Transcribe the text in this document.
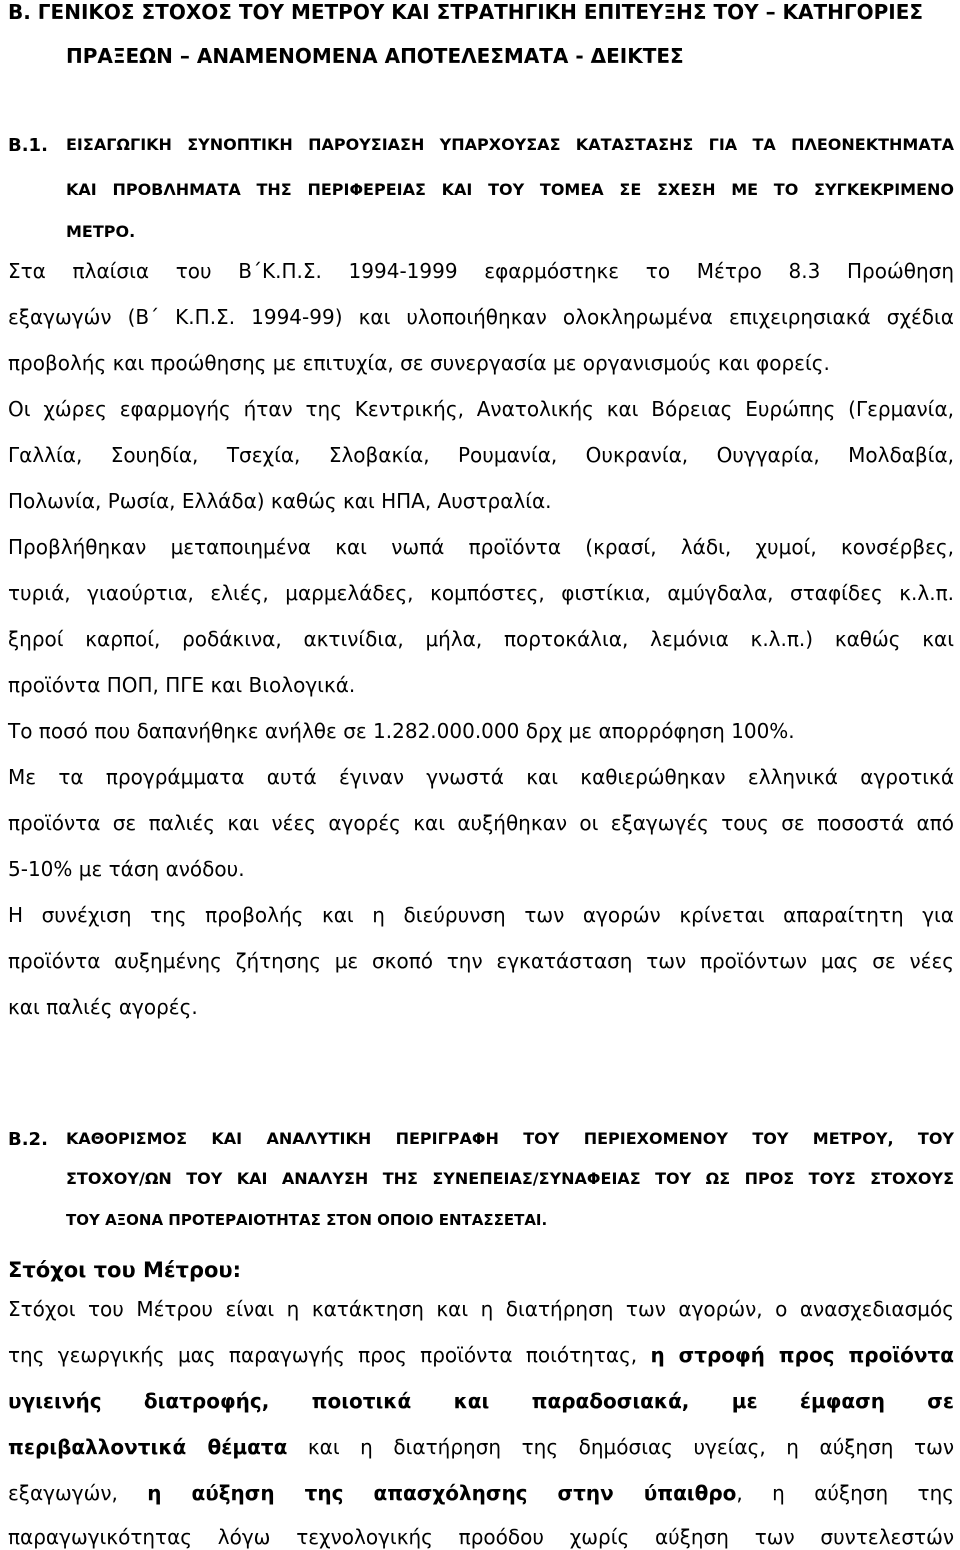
Β. ΓΕΝΙΚΟΣ ΣΤΟΧΟΣ ΤΟΥ ΜΕΤΡΟΥ ΚΑΙ ΣΤΡΑΤΗΓΙΚΗ ΕΠΙΤΕΥΞΗΣ ΤΟΥ – ΚΑΤΗΓΟΡΙΕΣ
ΠΡΑΞΕΩΝ – ΑΝΑΜΕΝΟΜΕΝΑ ΑΠΟΤΕΛΕΣΜΑΤΑ - ΔΕΙΚΤΕΣ
Β.1. ΕΙΣΑΓΩΓΙΚΗ ΣΥΝΟΠΤΙΚΗ ΠΑΡΟΥΣΙΑΣΗ ΥΠΑΡΧΟΥΣΑΣ ΚΑΤΑΣΤΑΣΗΣ ΓΙΑ ΤΑ ΠΛΕΟΝΕΚΤΗΜΑΤΑ
ΚΑΙ ΠΡΟΒΛΗΜΑΤΑ ΤΗΣ ΠΕΡΙΦΕΡΕΙΑΣ ΚΑΙ ΤΟΥ ΤΟΜΕΑ ΣΕ ΣΧΕΣΗ ΜΕ ΤΟ ΣΥΓΚΕΚΡΙΜΕΝΟ
ΜΕΤΡΟ.
Στα πλαίσια του Β΄Κ.Π.Σ. 1994-1999 εφαρμόστηκε το Μέτρο 8.3 Προώθηση
εξαγωγών (Β΄ Κ.Π.Σ. 1994-99) και υλοποιήθηκαν ολοκληρωμένα επιχειρησιακά σχέδια
προβολής και προώθησης με επιτυχία, σε συνεργασία με οργανισμούς και φορείς.
Οι χώρες εφαρμογής ήταν της Κεντρικής, Ανατολικής και Βόρειας Ευρώπης (Γερμανία,
Γαλλία, Σουηδία, Τσεχία, Σλοβακία, Ρουμανία, Ουκρανία, Ουγγαρία, Μολδαβία,
Πολωνία, Ρωσία, Ελλάδα) καθώς και ΗΠΑ, Αυστραλία.
Προβλήθηκαν μεταποιημένα και νωπά προϊόντα (κρασί, λάδι, χυμοί, κονσέρβες,
τυριά, γιαούρτια, ελιές, μαρμελάδες, κομπόστες, φιστίκια, αμύγδαλα, σταφίδες κ.λ.π.
ξηροί καρποί, ροδάκινα, ακτινίδια, μήλα, πορτοκάλια, λεμόνια κ.λ.π.) καθώς και
προϊόντα ΠΟΠ, ΠΓΕ και Βιολογικά.
Το ποσό που δαπανήθηκε ανήλθε σε 1.282.000.000 δρχ με απορρόφηση 100%.
Με τα προγράμματα αυτά έγιναν γνωστά και καθιερώθηκαν ελληνικά αγροτικά
προϊόντα σε παλιές και νέες αγορές και αυξήθηκαν οι εξαγωγές τους σε ποσοστά από
5-10% με τάση ανόδου.
Η συνέχιση της προβολής και η διεύρυνση των αγορών κρίνεται απαραίτητη για
προϊόντα αυξημένης ζήτησης με σκοπό την εγκατάσταση των προϊόντων μας σε νέες
και παλιές αγορές.
Β.2. ΚΑΘΟΡΙΣΜΟΣ ΚΑΙ ΑΝΑΛΥΤΙΚΗ ΠΕΡΙΓΡΑΦΗ ΤΟΥ ΠΕΡΙΕΧΟΜΕΝΟΥ ΤΟΥ ΜΕΤΡΟΥ, ΤΟΥ
ΣΤΟΧΟΥ/ΩΝ ΤΟΥ ΚΑΙ ΑΝΑΛΥΣΗ ΤΗΣ ΣΥΝΕΠΕΙΑΣ/ΣΥΝΑΦΕΙΑΣ ΤΟΥ ΩΣ ΠΡΟΣ ΤΟΥΣ ΣΤΟΧΟΥΣ
ΤΟΥ ΑΞΟΝΑ ΠΡΟΤΕΡΑΙΟΤΗΤΑΣ ΣΤΟΝ ΟΠΟΙΟ ΕΝΤΑΣΣΕΤΑΙ.
Στόχοι του Μέτρου:
Στόχοι του Μέτρου είναι η κατάκτηση και η διατήρηση των αγορών, ο ανασχεδιασμός
της γεωργικής μας παραγωγής προς προϊόντα ποιότητας, η στροφή προς προϊόντα
υγιεινής διατροφής, ποιοτικά και παραδοσιακά, με έμφαση σε
περιβαλλοντικά θέματα και η διατήρηση της δημόσιας υγείας, η αύξηση των
εξαγωγών, η αύξηση της απασχόλησης στην ύπαιθρο, η αύξηση της
παραγωγικότητας λόγω τεχνολογικής προόδου χωρίς αύξηση των συντελεστών
